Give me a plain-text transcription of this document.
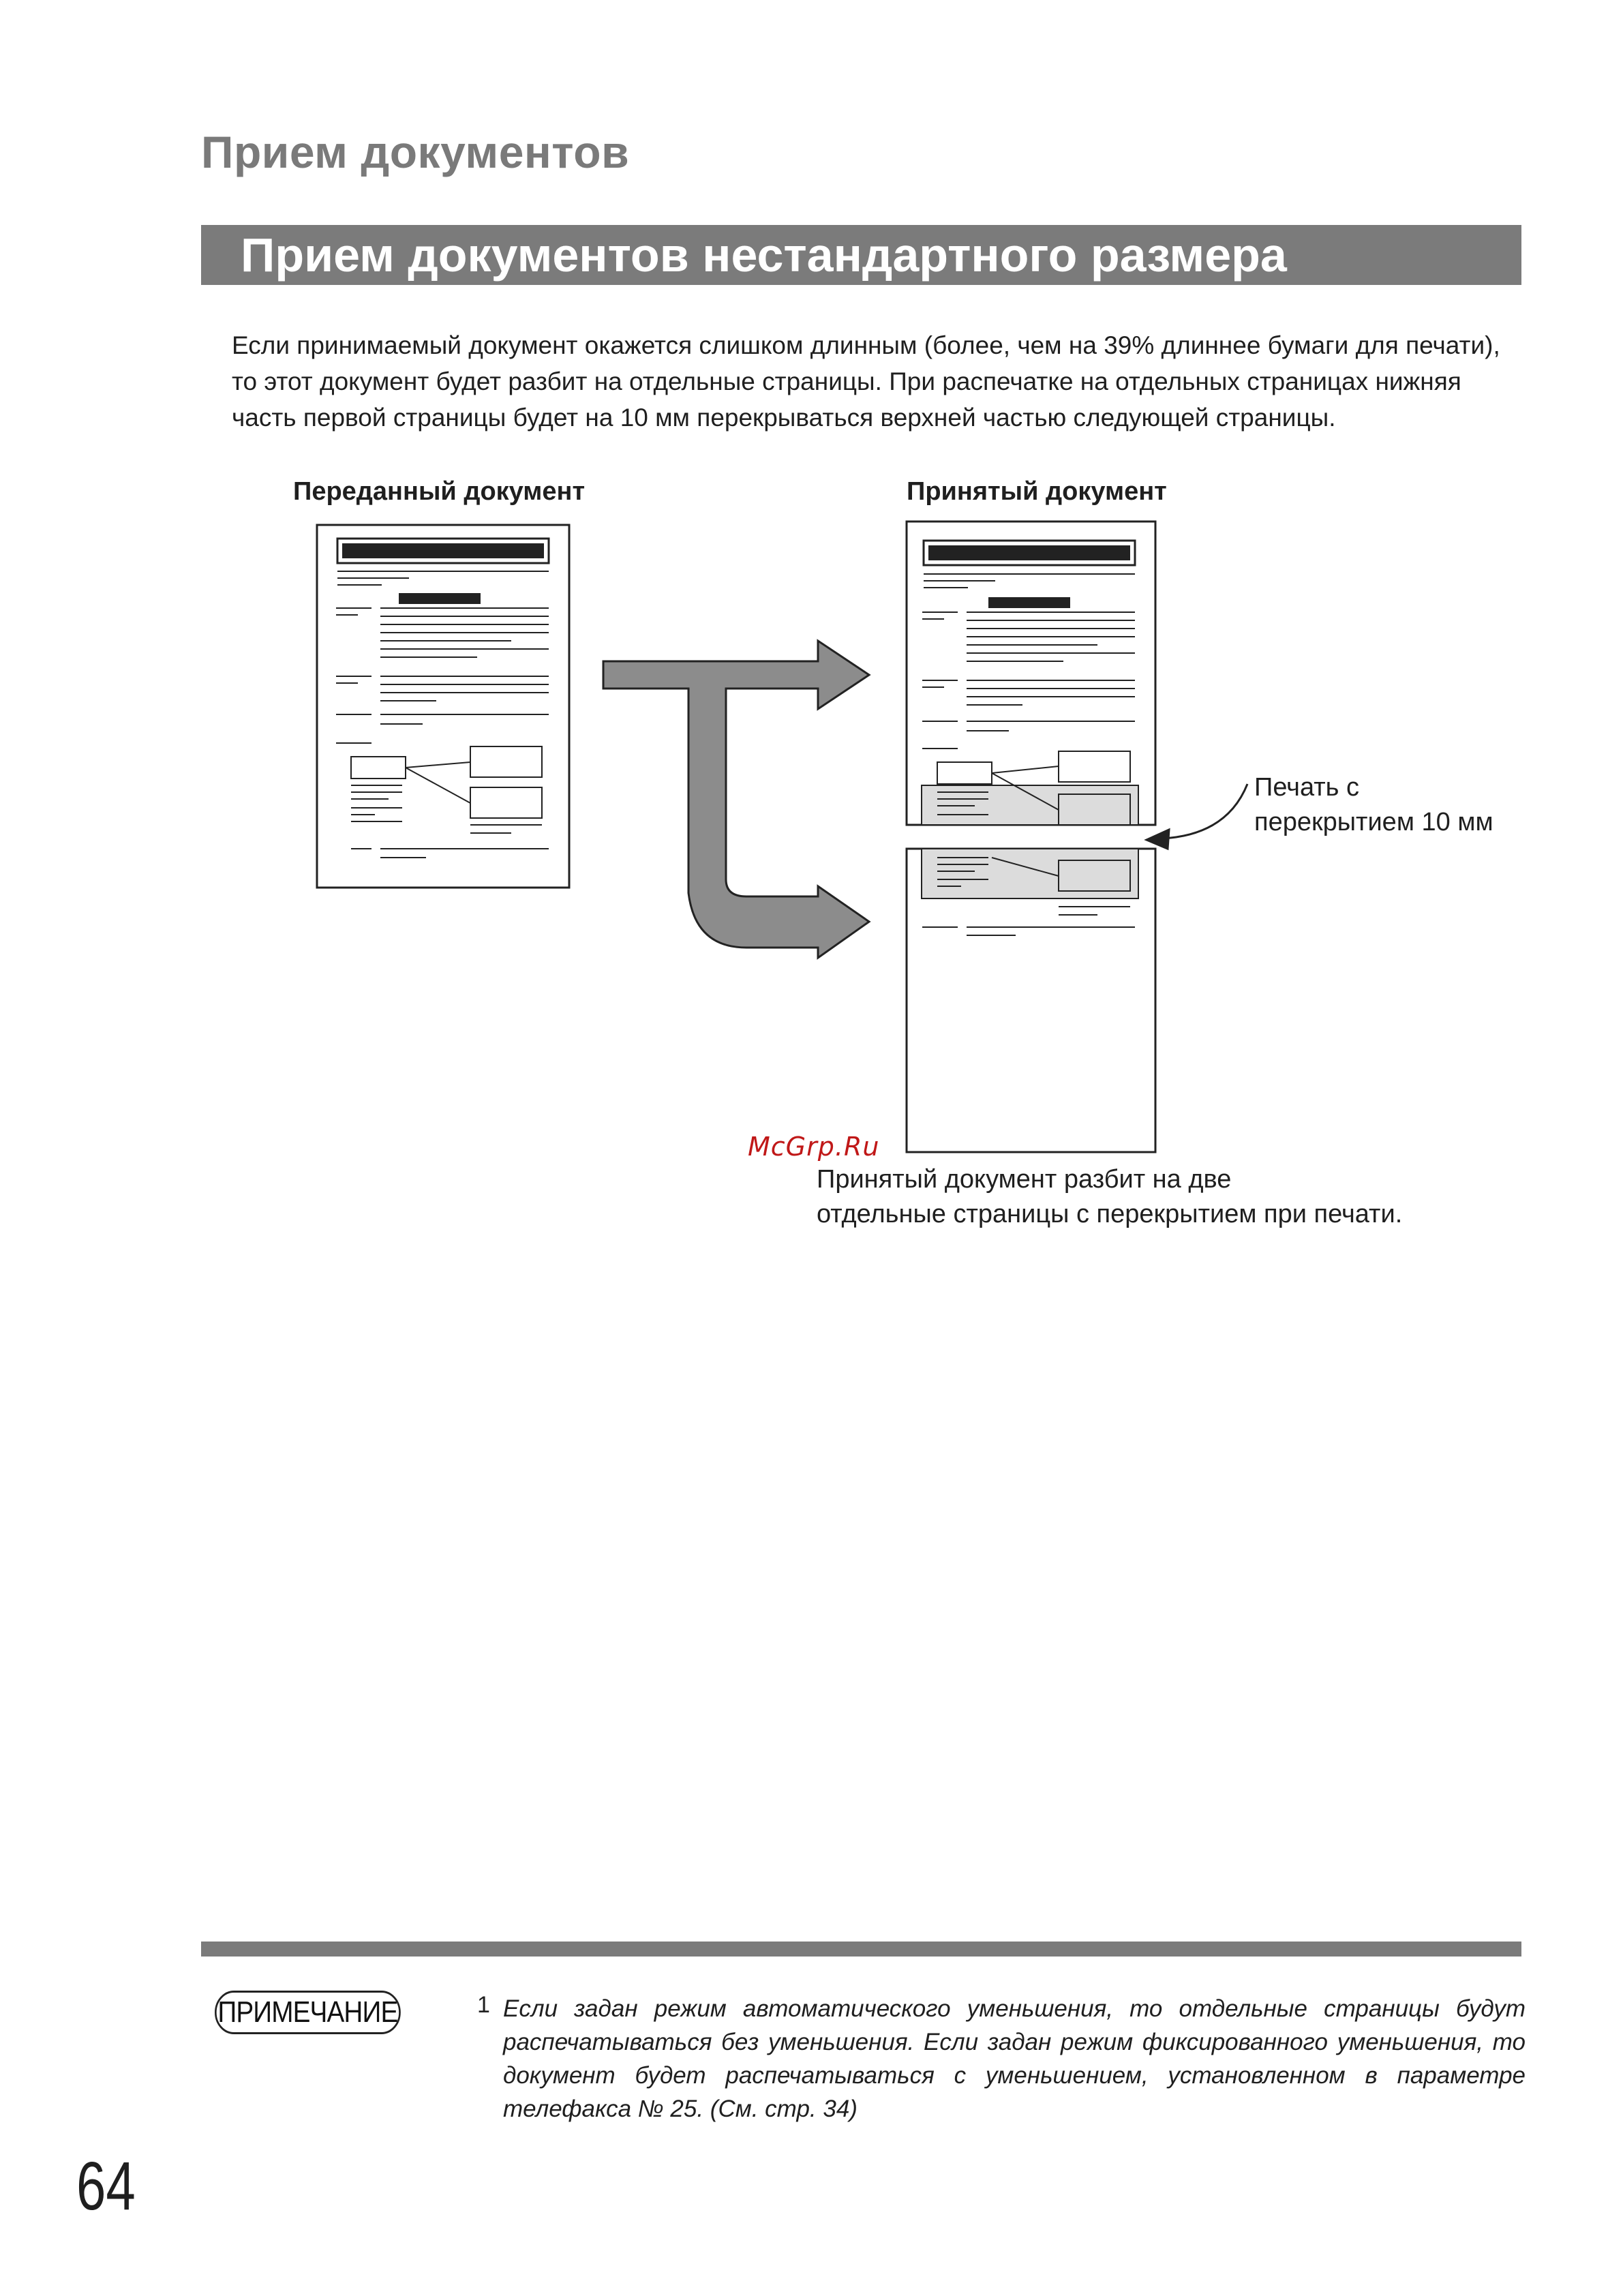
Прием документов
Прием документов нестандартного размера

Если принимаемый документ окажется слишком длинным (более, чем на 39% длиннее бумаги для печати), то этот документ будет разбит на отдельные страницы. При распечатке на отдельных страницах нижняя часть первой страницы будет на 10 мм перекрываться верхней частью следующей страницы.

Переданный документ	Принятый документ
Печать с
перекрытием 10 мм
McGrp.Ru
Принятый документ разбит на две
отдельные страницы с перекрытием при печати.
ПРИМЕЧАНИЕ	1 Если задан режим автоматического уменьшения, то отдельные страницы будут распечатываться без уменьшения. Если задан режим фиксированного уменьшения, то документ будет распечатываться с уменьшением, установленном в параметре телефакса № 25. (См. стр. 34)

64
